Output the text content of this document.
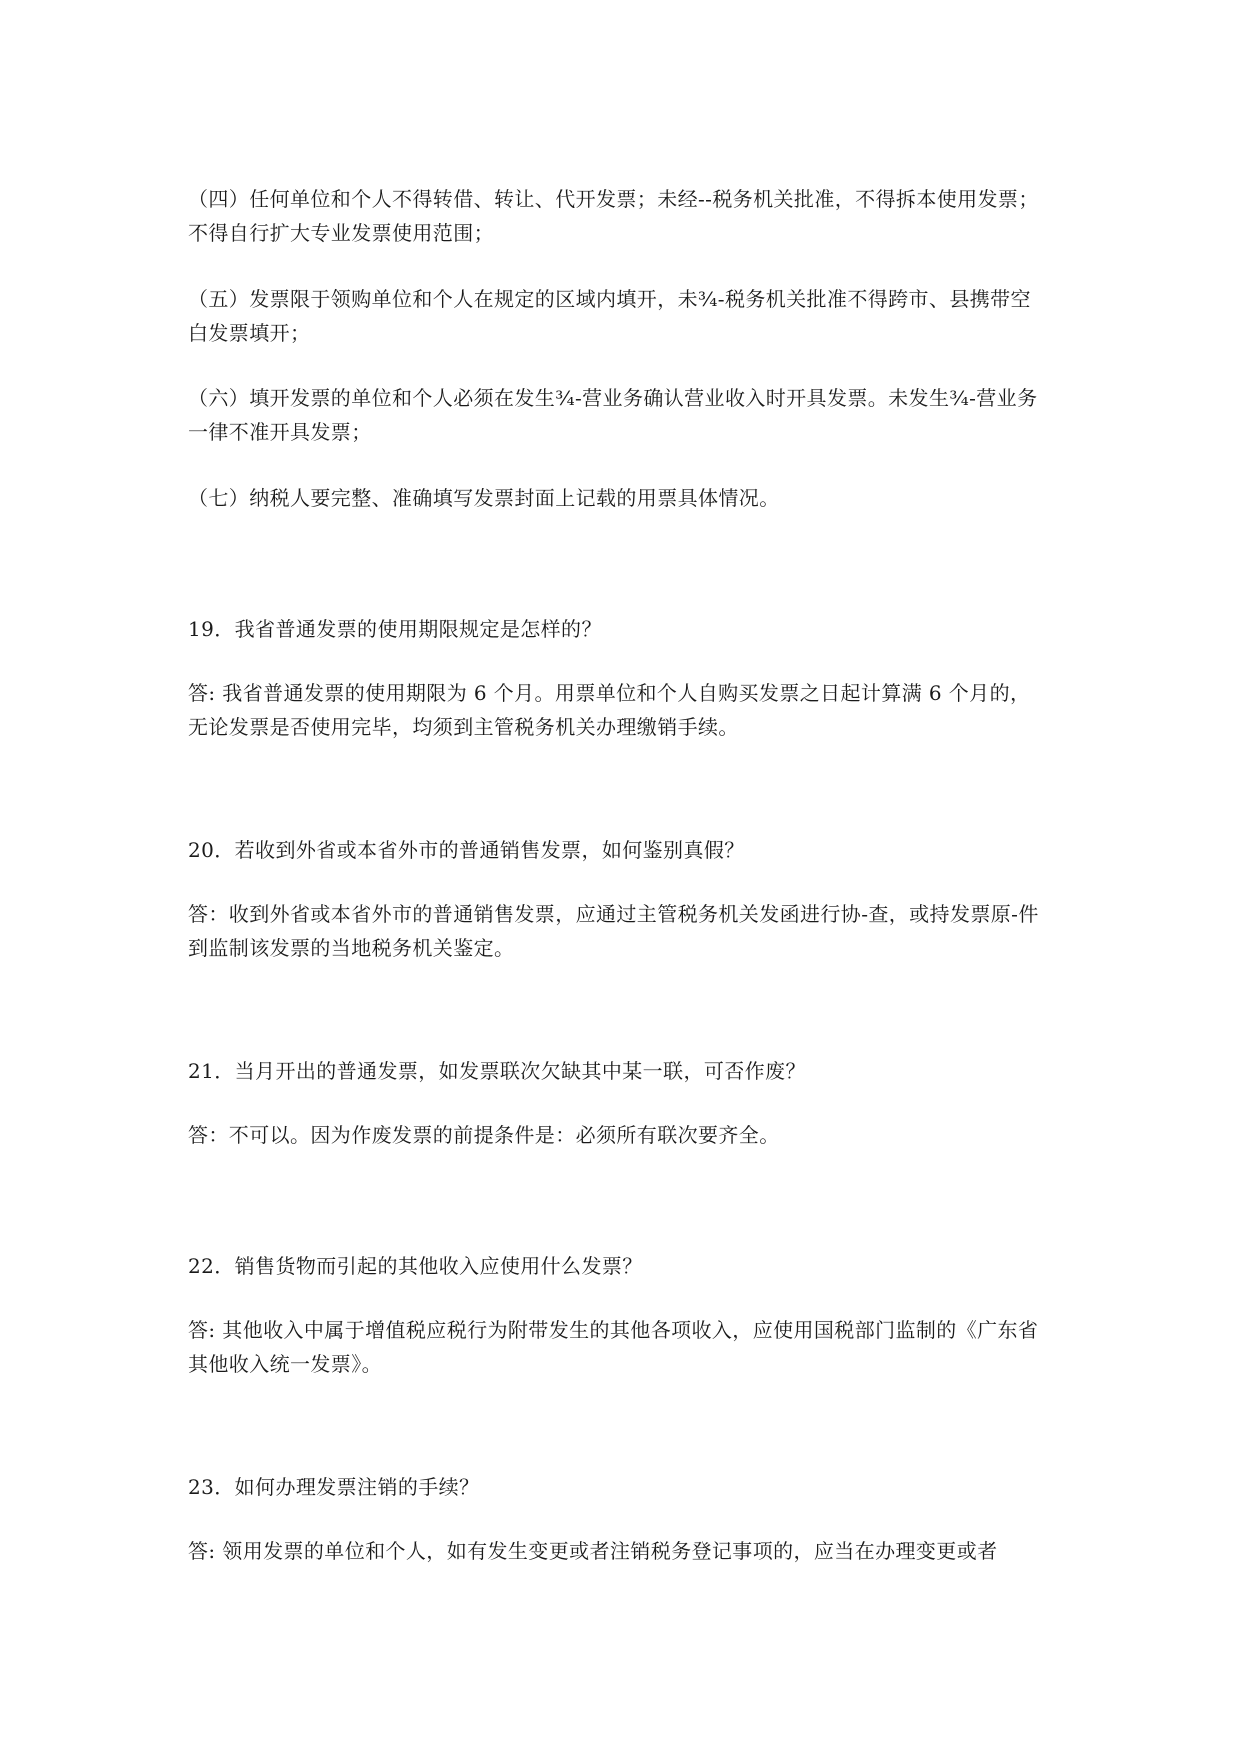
（四）任何单位和个人不得转借、转让、代开发票；未经--税务机关批准，不得拆本使用发票；不得自行扩大专业发票使用范围；

（五）发票限于领购单位和个人在规定的区域内填开，未¾-税务机关批准不得跨市、县携带空白发票填开；

（六）填开发票的单位和个人必须在发生¾-营业务确认营业收入时开具发票。未发生¾-营业务一律不准开具发票；

（七）纳税人要完整、准确填写发票封面上记载的用票具体情况。

19．我省普通发票的使用期限规定是怎样的？

答: 我省普通发票的使用期限为 6 个月。用票单位和个人自购买发票之日起计算满 6 个月的，无论发票是否使用完毕，均须到主管税务机关办理缴销手续。

20．若收到外省或本省外市的普通销售发票，如何鉴别真假？

答：收到外省或本省外市的普通销售发票，应通过主管税务机关发函进行协-查，或持发票原-件到监制该发票的当地税务机关鉴定。

21．当月开出的普通发票，如发票联次欠缺其中某一联，可否作废？

答：不可以。因为作废发票的前提条件是：必须所有联次要齐全。

22．销售货物而引起的其他收入应使用什么发票？

答: 其他收入中属于增值税应税行为附带发生的其他各项收入，应使用国税部门监制的《广东省其他收入统一发票》。

23．如何办理发票注销的手续？

答: 领用发票的单位和个人，如有发生变更或者注销税务登记事项的，应当在办理变更或者
